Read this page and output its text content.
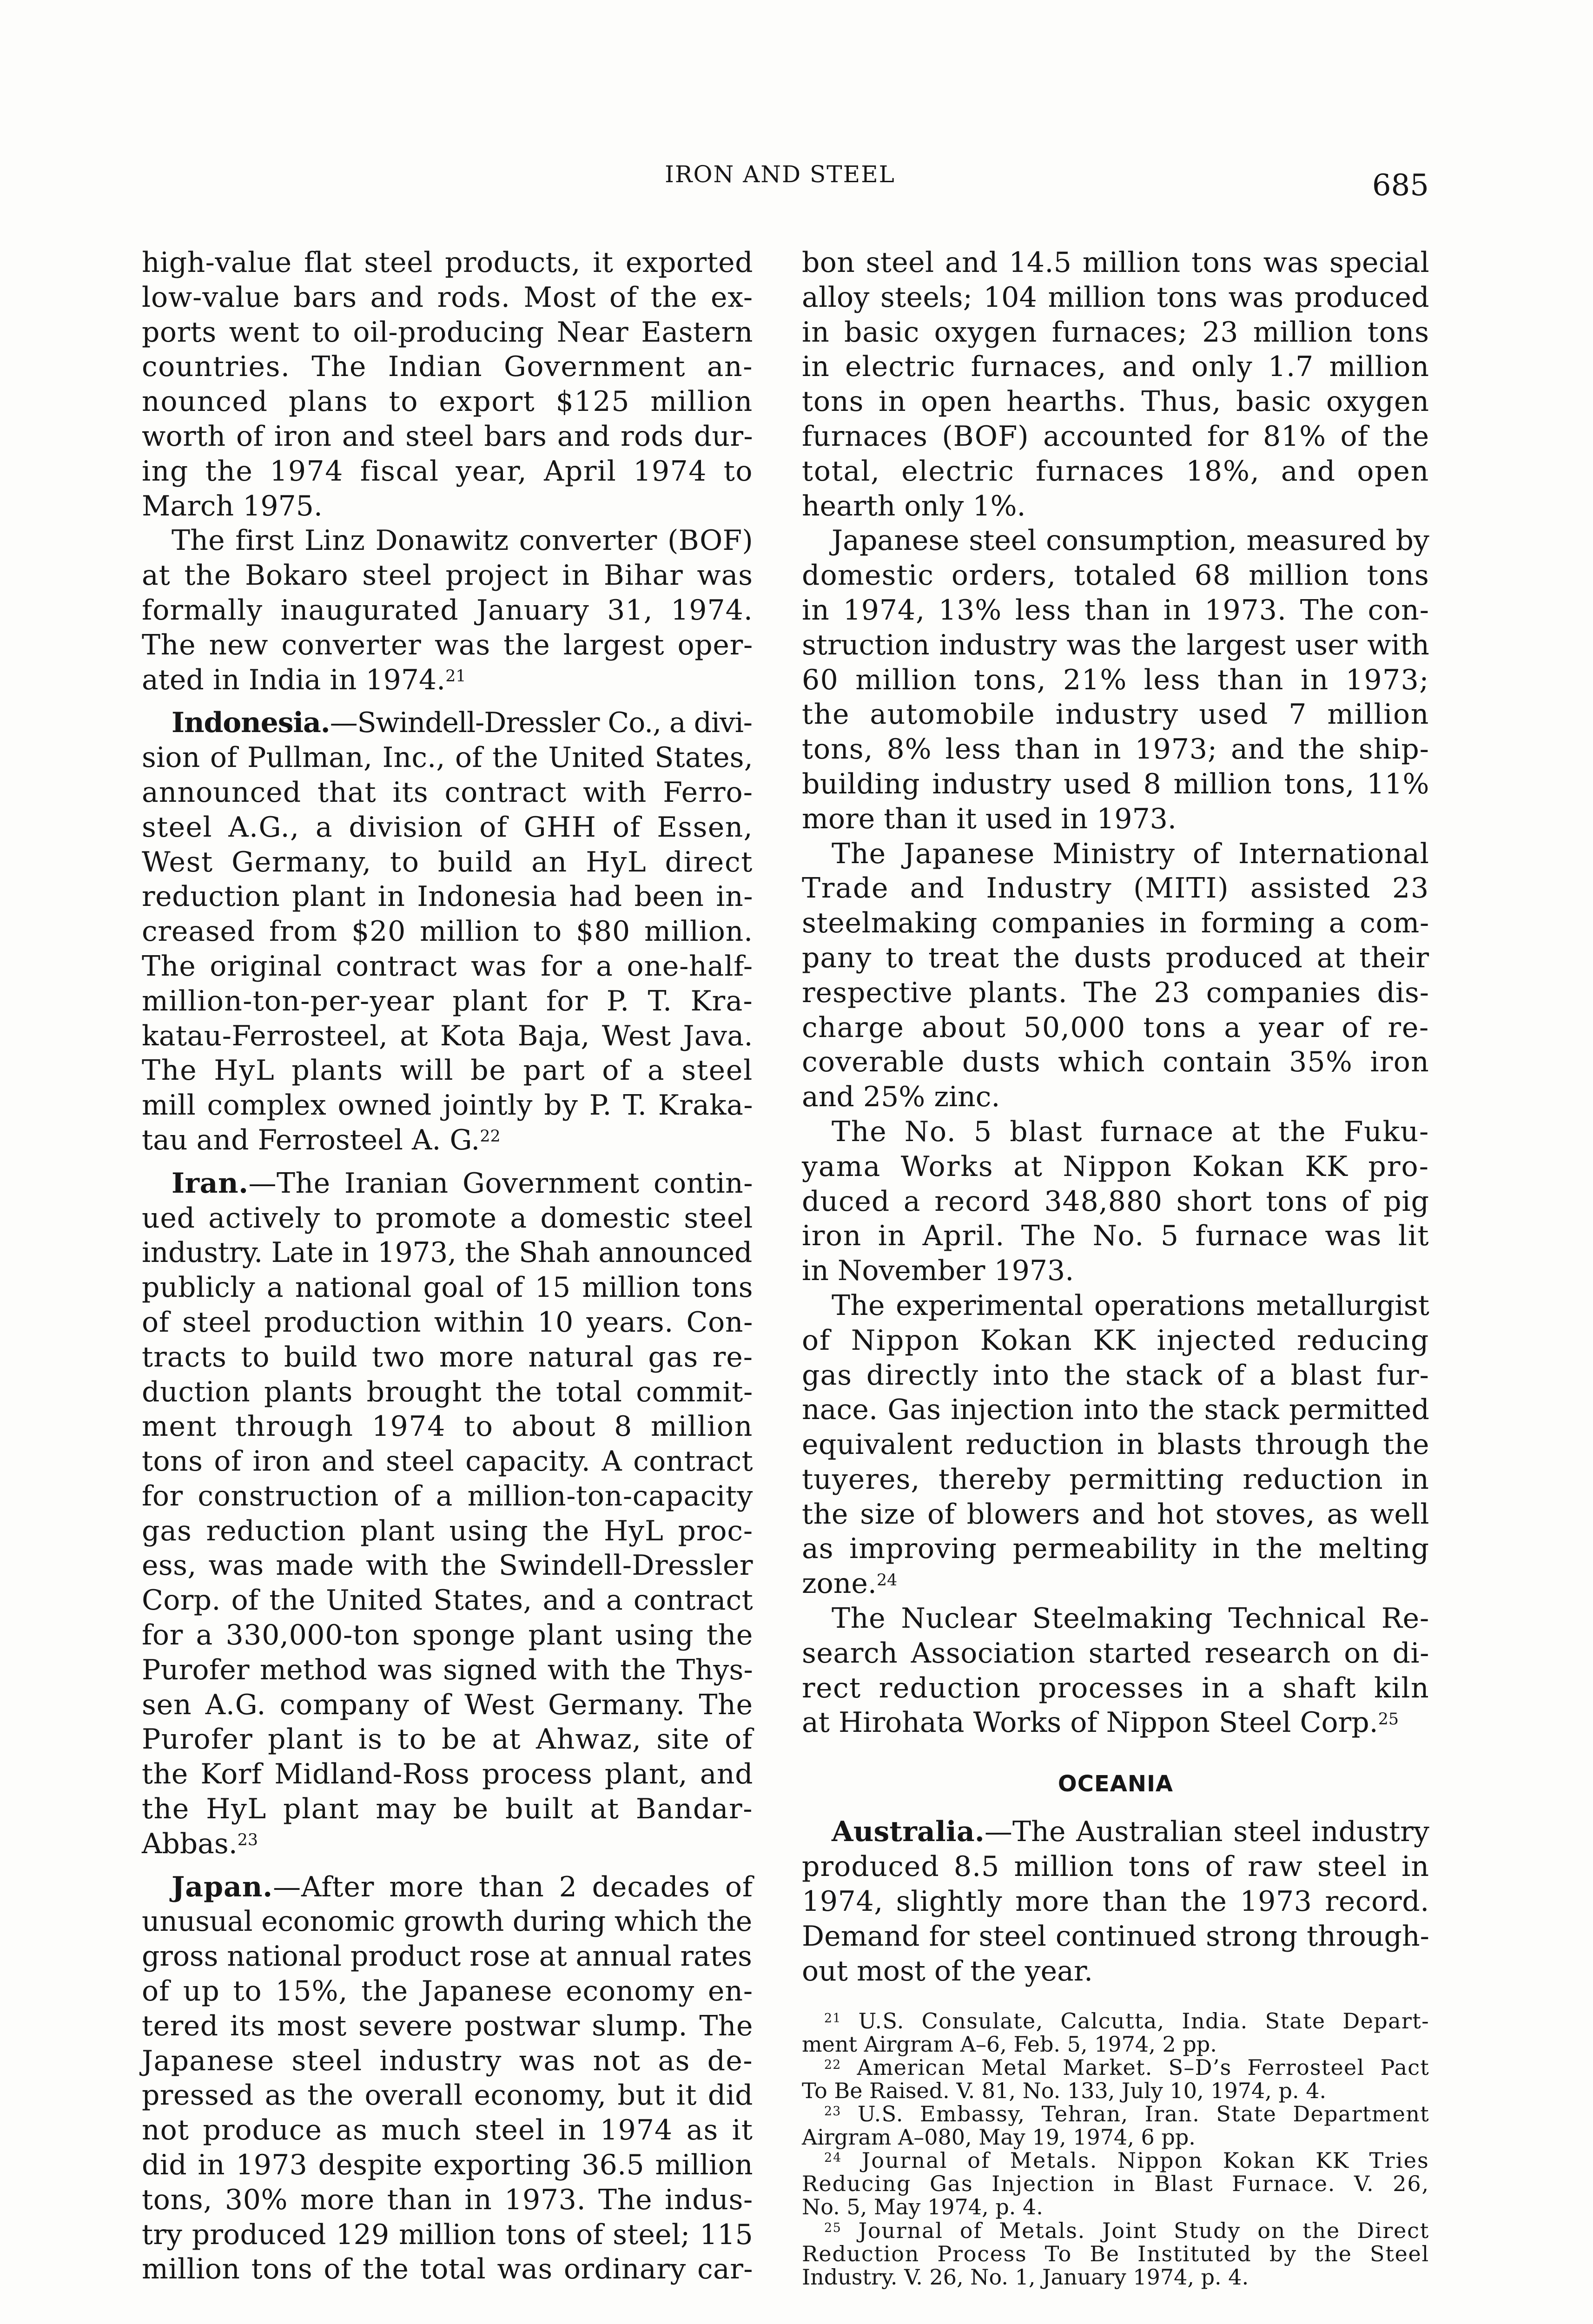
IRON AND STEEL	685
high-value flat steel products, it exported
low-value bars and rods. Most of the ex-
ports went to oil-producing Near Eastern
countries. The Indian Government an-
nounced plans to export $125 million
worth of iron and steel bars and rods dur-
ing the 1974 fiscal year, April 1974 to
March 1975.
The first Linz Donawitz converter (BOF)
at the Bokaro steel project in Bihar was
formally inaugurated January 31, 1974.
The new converter was the largest oper-
ated in India in 1974.21
Indonesia.—Swindell-Dressler Co., a divi-
sion of Pullman, Inc., of the United States,
announced that its contract with Ferro-
steel A.G., a division of GHH of Essen,
West Germany, to build an HyL direct
reduction plant in Indonesia had been in-
creased from $20 million to $80 million.
The original contract was for a one-half-
million-ton-per-year plant for P. T. Kra-
katau-Ferrosteel, at Kota Baja, West Java.
The HyL plants will be part of a steel
mill complex owned jointly by P. T. Kraka-
tau and Ferrosteel A. G.$^{22}$
Iran.—The Iranian Government contin-
ued actively to promote a domestic steel
industry. Late in 1973, the Shah announced
publicly a national goal of 15 million tons
of steel production within 10 years. Con-
tracts to build two more natural gas re-
duction plants brought the total commit-
ment through 1974 to about 8 million
tons of iron and steel capacity. A contract
for construction of a million-ton-capacity
gas reduction plant using the HyL proc-
ess, was made with the Swindell-Dressler
Corp. of the United States, and a contract
for a 330,000-ton sponge plant using the
Purofer method was signed with the Thys-
sen A.G. company of West Germany. The
Purofer plant is to be at Ahwaz, site of
the Korf Midland-Ross process plant, and
the HyL plant may be built at Bandar-
Abbas.$^{23}$
Japan.—After more than 2 decades of
unusual economic growth during which the
gross national product rose at annual rates
of up to 15%, the Japanese economy en-
tered its most severe postwar slump. The
Japanese steel industry was not as de-
pressed as the overall economy, but it did
not produce as much steel in 1974 as it
did in 1973 despite exporting 36.5 million
tons, 30% more than in 1973. The indus-
try produced 129 million tons of steel; 115
million tons of the total was ordinary car-
bon steel and 14.5 million tons was special
alloy steels; 104 million tons was produced
in basic oxygen furnaces; 23 million tons
in electric furnaces, and only 1.7 million
tons in open hearths. Thus, basic oxygen
furnaces (BOF) accounted for 81% of the
total, electric furnaces 18%, and open
hearth only 1%.
Japanese steel consumption, measured by
domestic orders, totaled 68 million tons
in 1974, 13% less than in 1973. The con-
struction industry was the largest user with
60 million tons, 21% less than in 1973;
the automobile industry used 7 million
tons, 8% less than in 1973; and the ship-
building industry used 8 million tons, 11%
more than it used in 1973.
The Japanese Ministry of International
Trade and Industry (MITI) assisted 23
steelmaking companies in forming a com-
pany to treat the dusts produced at their
respective plants. The 23 companies dis-
charge about 50,000 tons a year of re-
coverable dusts which contain 35% iron
and 25% zinc.
The No. 5 blast furnace at the Fuku-
yama Works at Nippon Kokan KK pro-
duced a record 348,880 short tons of pig
iron in April. The No. 5 furnace was lit
in November 1973.
The experimental operations metallurgist
of Nippon Kokan KK injected reducing
gas directly into the stack of a blast fur-
nace. Gas injection into the stack permitted
equivalent reduction in blasts through the
tuyeres, thereby permitting reduction in
the size of blowers and hot stoves, as well
as improving permeability in the melting
zone.$^{24}$
The Nuclear Steelmaking Technical Re-
search Association started research on di-
rect reduction processes in a shaft kiln
at Hirohata Works of Nippon Steel Corp.$^{25}$
OCEANIA
Australia.—The Australian steel industry
produced 8.5 million tons of raw steel in
1974, slightly more than the 1973 record.
Demand for steel continued strong through-
out most of the year.
$^{21}$ U.S. Consulate, Calcutta, India. State Depart-
ment Airgram A–6, Feb. 5, 1974, 2 pp.
$^{22}$ American Metal Market. S–D’s Ferrosteel Pact
To Be Raised. V. 81, No. 133, July 10, 1974, p. 4.
$^{23}$ U.S. Embassy, Tehran, Iran. State Department
Airgram A–080, May 19, 1974, 6 pp.
$^{24}$ Journal of Metals. Nippon Kokan KK Tries
Reducing Gas Injection in Blast Furnace. V. 26,
No. 5, May 1974, p. 4.
$^{25}$ Journal of Metals. Joint Study on the Direct
Reduction Process To Be Instituted by the Steel
Industry. V. 26, No. 1, January 1974, p. 4.
